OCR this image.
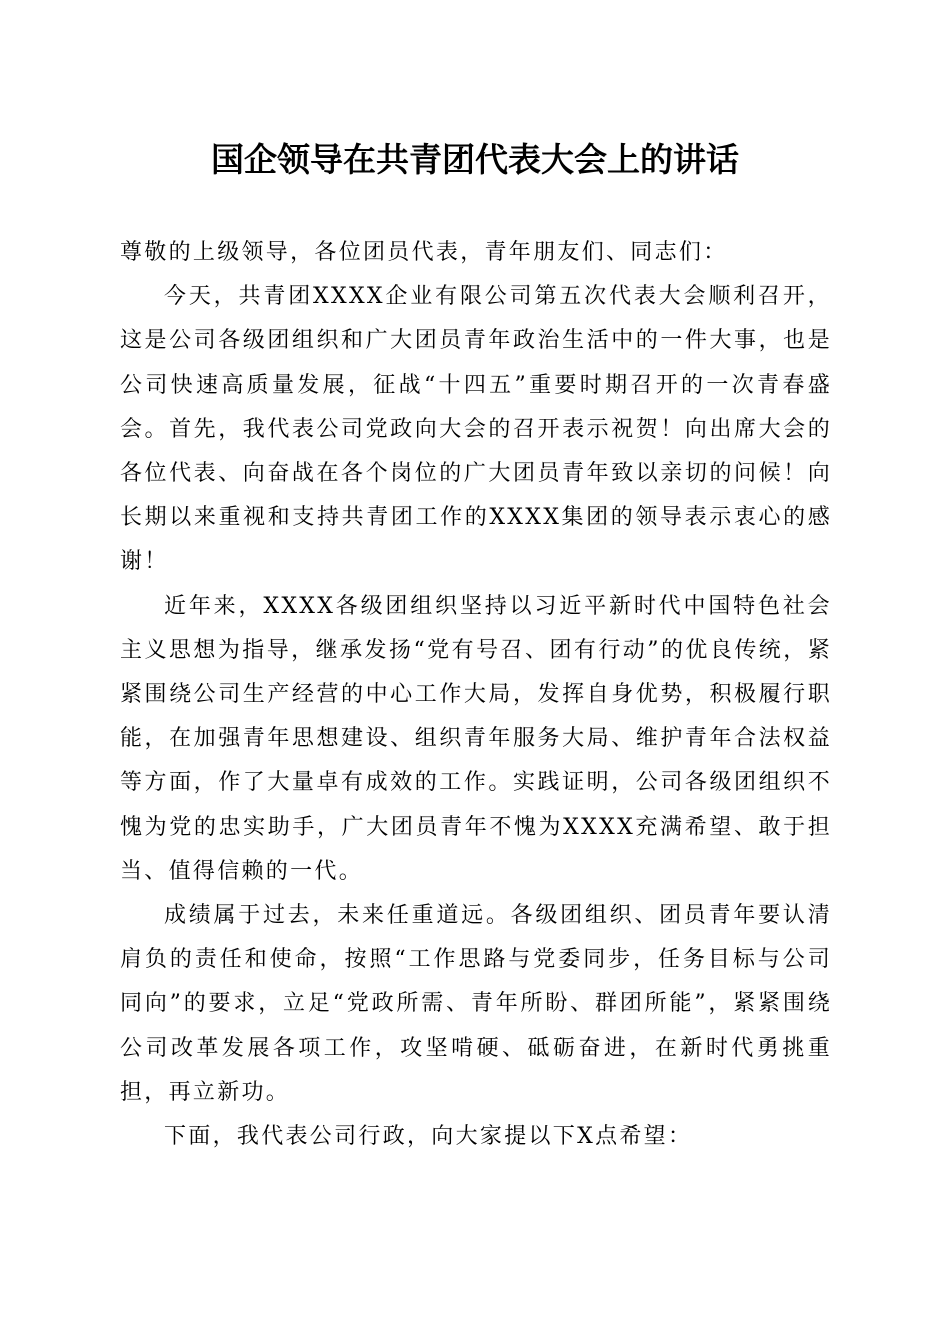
国企领导在共青团代表大会上的讲话

尊敬的上级领导，各位团员代表，青年朋友们、同志们：

今天，共青团XXXX企业有限公司第五次代表大会顺利召开，这是公司各级团组织和广大团员青年政治生活中的一件大事，也是公司快速高质量发展，征战“十四五”重要时期召开的一次青春盛会。首先，我代表公司党政向大会的召开表示祝贺！向出席大会的各位代表、向奋战在各个岗位的广大团员青年致以亲切的问候！向长期以来重视和支持共青团工作的XXXX集团的领导表示衷心的感谢！

近年来，XXXX各级团组织坚持以习近平新时代中国特色社会主义思想为指导，继承发扬“党有号召、团有行动”的优良传统，紧紧围绕公司生产经营的中心工作大局，发挥自身优势，积极履行职能，在加强青年思想建设、组织青年服务大局、维护青年合法权益等方面，作了大量卓有成效的工作。实践证明，公司各级团组织不愧为党的忠实助手，广大团员青年不愧为XXXX充满希望、敢于担当、值得信赖的一代。

成绩属于过去，未来任重道远。各级团组织、团员青年要认清肩负的责任和使命，按照“工作思路与党委同步，任务目标与公司同向”的要求，立足“党政所需、青年所盼、群团所能”，紧紧围绕公司改革发展各项工作，攻坚啃硬、砥砺奋进，在新时代勇挑重担，再立新功。

下面，我代表公司行政，向大家提以下X点希望：
